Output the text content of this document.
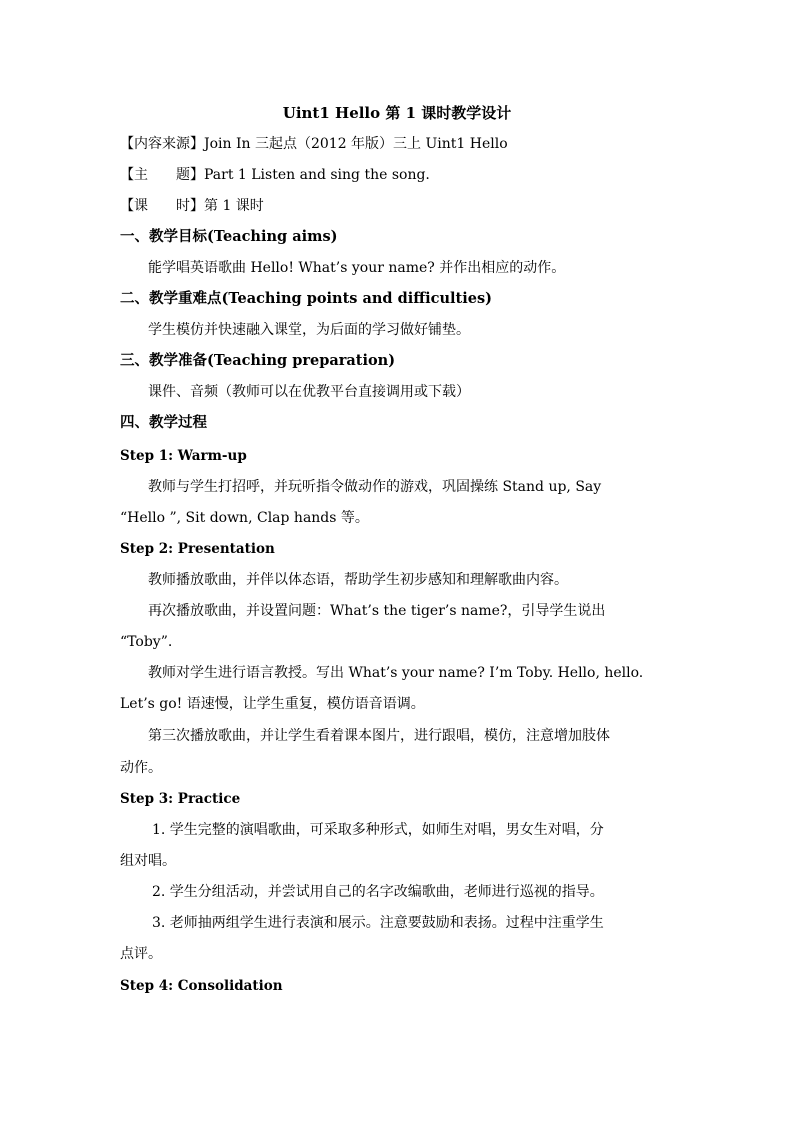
Uint1 Hello 第 1 课时教学设计
【内容来源】Join In 三起点（2012 年版）三上 Uint1 Hello
【主　　题】Part 1 Listen and sing the song.
【课　　时】第 1 课时
一、教学目标(Teaching aims)
能学唱英语歌曲 Hello! What’s your name? 并作出相应的动作。
二、教学重难点(Teaching points and difficulties)
学生模仿并快速融入课堂，为后面的学习做好铺垫。
三、教学准备(Teaching preparation)
课件、音频（教师可以在优教平台直接调用或下载）
四、教学过程
Step 1: Warm-up
教师与学生打招呼，并玩听指令做动作的游戏，巩固操练 Stand up, Say
“Hello ”, Sit down, Clap hands 等。
Step 2: Presentation
教师播放歌曲，并伴以体态语，帮助学生初步感知和理解歌曲内容。
再次播放歌曲，并设置问题：What’s the tiger’s name?，引导学生说出
“Toby”.
教师对学生进行语言教授。写出 What’s your name? I’m Toby. Hello, hello.
Let’s go! 语速慢，让学生重复，模仿语音语调。
第三次播放歌曲，并让学生看着课本图片，进行跟唱，模仿，注意增加肢体
动作。
Step 3: Practice
1. 学生完整的演唱歌曲，可采取多种形式，如师生对唱，男女生对唱，分
组对唱。
2. 学生分组活动，并尝试用自己的名字改编歌曲，老师进行巡视的指导。
3. 老师抽两组学生进行表演和展示。注意要鼓励和表扬。过程中注重学生
点评。
Step 4: Consolidation
